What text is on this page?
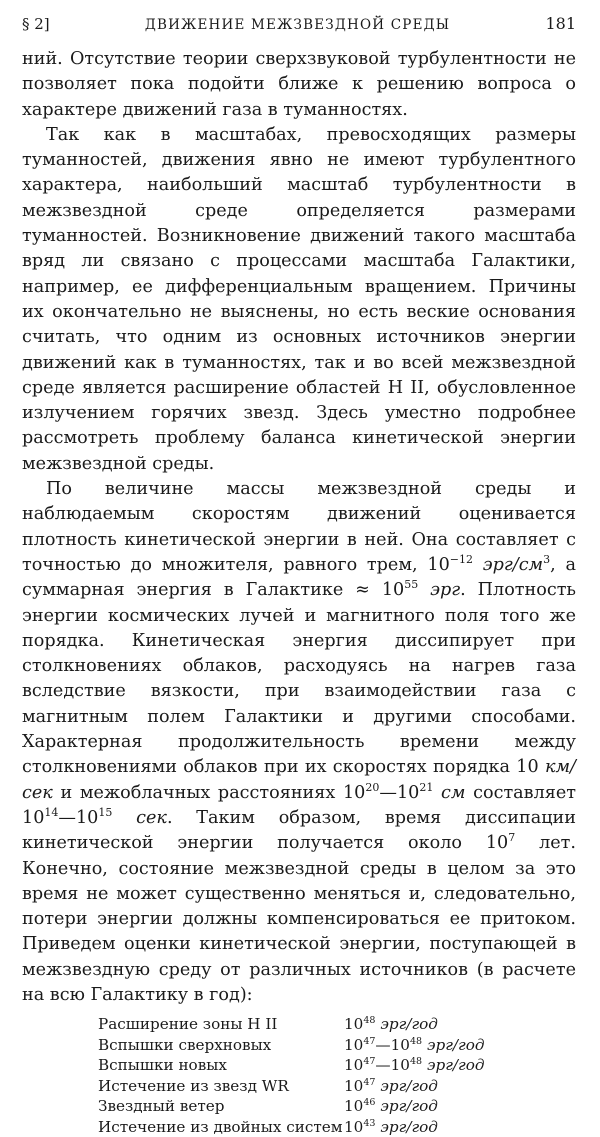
§ 2]	ДВИЖЕНИЕ МЕЖЗВЕЗДНОЙ СРЕДЫ	181

ний. Отсутствие теории сверхзвуковой турбулентности не позволяет пока подойти ближе к решению вопроса о характере движений газа в туманностях.

Так как в масштабах, превосходящих размеры туманностей, движения явно не имеют турбулентного характера, наибольший масштаб турбулентности в межзвездной среде определяется размерами туманностей. Возникновение движений такого масштаба вряд ли связано с процессами масштаба Галактики, например, ее дифференциальным вращением. Причины их окончательно не выяснены, но есть веские основания считать, что одним из основных источников энергии движений как в туманностях, так и во всей межзвездной среде является расширение областей H II, обусловленное излучением горячих звезд. Здесь уместно подробнее рассмотреть проблему баланса кинетической энергии межзвездной среды.

По величине массы межзвездной среды и наблюдаемым скоростям движений оценивается плотность кинетической энергии в ней. Она составляет с точностью до множителя, равного трем, $10^{-12}$ эрг/$см^3$, а суммарная энергия в Галактике ≈ $10^{55}$ эрг. Плотность энергии космических лучей и магнитного поля того же порядка. Кинетическая энергия диссипирует при столкновениях облаков, расходуясь на нагрев газа вследствие вязкости, при взаимодействии газа с магнитным полем Галактики и другими способами. Характерная продолжительность времени между столкновениями облаков при их скоростях порядка 10 км/сек и межоблачных расстояниях $10^{20}—10^{21}$ см составляет $10^{14}—10^{15}$ сек. Таким образом, время диссипации кинетической энергии получается около $10^7$ лет. Конечно, состояние межзвездной среды в целом за это время не может существенно меняться и, следовательно, потери энергии должны компенсироваться ее притоком. Приведем оценки кинетической энергии, поступающей в межзвездную среду от различных источников (в расчете на всю Галактику в год):

Расширение зоны H II	$10^{48}$ эрг/год
Вспышки сверхновых	$10^{47}—10^{48}$ эрг/год
Вспышки новых	$10^{47}—10^{48}$ эрг/год
Истечение из звезд WR	$10^{47}$ эрг/год
Звездный ветер	$10^{46}$ эрг/год
Истечение из двойных систем $10^{43}$ эрг/год
